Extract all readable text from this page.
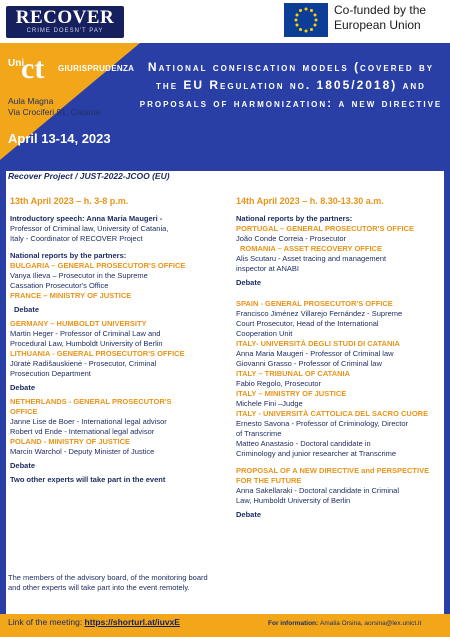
RECOVER
CRIME DOESN'T PAY
Co-funded by the European Union
Uni
ct GIURISPRUDENZA
Aula Magna
Via Crociferi 91, Catania
April 13-14, 2023
National confiscation models (covered by the EU Regulation no. 1805/2018) and proposals of harmonization: a new directive
Recover Project / JUST-2022-JCOO (EU)
13th April 2023 – h. 3-8 p.m.
Introductory speech: Anna Maria Maugeri -
Professor of Criminal law, University of Catania,
Italy - Coordinator of RECOVER Project
National reports by the partners:
BULGARIA – GENERAL PROSECUTOR'S OFFICE
Vanya Ilieva – Prosecutor in the Supreme
Cassation Prosecutor's Office
FRANCE – MINISTRY OF JUSTICE
Debate
GERMANY – HUMBOLDT UNIVERSITY
Martin Heger - Professor of Criminal Law and
Procedural Law, Humboldt University of Berlin
LITHUANIA - GENERAL PROSECUTOR'S OFFICE
Jūratė Radišauskienė - Prosecutor, Criminal
Prosecution Department
Debate
NETHERLANDS - GENERAL PROSECUTOR'S
OFFICE
Janne Lise de Boer - International legal advisor
Robert vd Ende - International legal advisor
POLAND - MINISTRY OF JUSTICE
Marcin Warchol - Deputy Minister of Justice
Debate
Two other experts will take part in the event
The members of the advisory board, of the monitoring board and other experts will take part into the event remotely.
14th April 2023 – h. 8.30-13.30 a.m.
National reports by the partners:
PORTUGAL – GENERAL PROSECUTOR'S OFFICE
João Conde Correia - Prosecutor
ROMANIA – ASSET RECOVERY OFFICE
Alis Scutaru - Asset tracing and management
inspector at ANABI
Debate
SPAIN - GENERAL PROSECUTOR'S OFFICE
Francisco Jiménez Villarejo Fernández - Supreme
Court Prosecutor, Head of the International
Cooperation Unit
ITALY- UNIVERSITÀ DEGLI STUDI DI CATANIA
Anna Maria Maugeri - Professor of Criminal law
Giovanni Grasso - Professor of Criminal law
ITALY – TRIBUNAL OF CATANIA
Fabio Regolo, Prosecutor
ITALY – MINISTRY OF JUSTICE
Michele Fini –Judge
ITALY - UNIVERSITÀ CATTOLICA DEL SACRO CUORE
Ernesto Savona - Professor of Criminology, Director
of Transcrime
Matteo Anastasio - Doctoral candidate in
Criminology and junior researcher at Transcrime
PROPOSAL OF A NEW DIRECTIVE and PERSPECTIVE
FOR THE FUTURE
Anna Sakellaraki - Doctoral candidate in Criminal
Law, Humboldt University of Berlin
Debate
Link of the meeting: https://shorturl.at/iuvxE	For information: Amalia Orsina, aorsina@lex.unict.it
